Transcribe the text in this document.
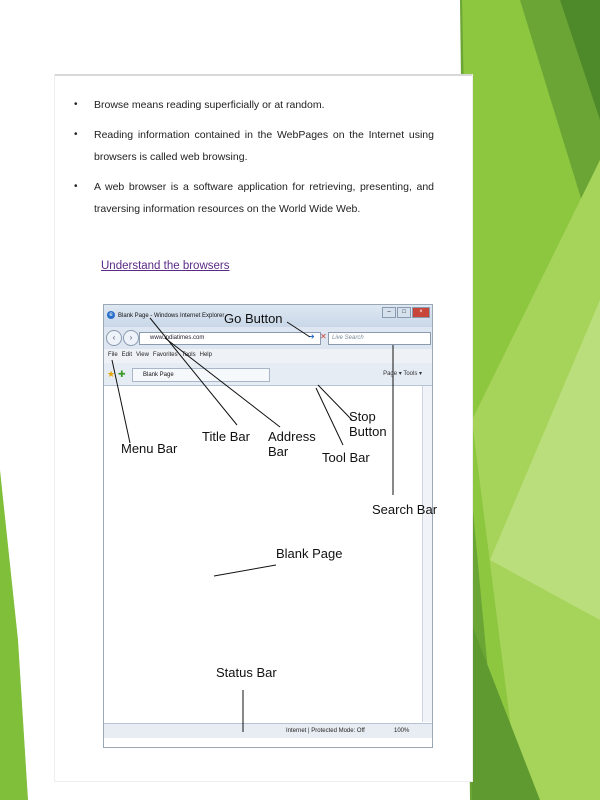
• Browse means reading superficially or at random.
• Reading information contained in the WebPages on the Internet using browsers is called web browsing.
• A web browser is a software application for retrieving, presenting, and traversing information resources on the World Wide Web.
Understand the browsers
e Blank Page - Windows Internet Explorer
– □ ×
‹	›	www.indiatimes.com	➜ ✕ Live Search
File Edit View Favorites Tools Help
★ ✚	Blank Page	Page ▾ Tools ▾
Internet | Protected Mode: Off	100%
Go Button
Stop Button
Menu Bar
Title Bar Address Bar	Tool Bar
Search Bar
Blank Page
Status Bar
